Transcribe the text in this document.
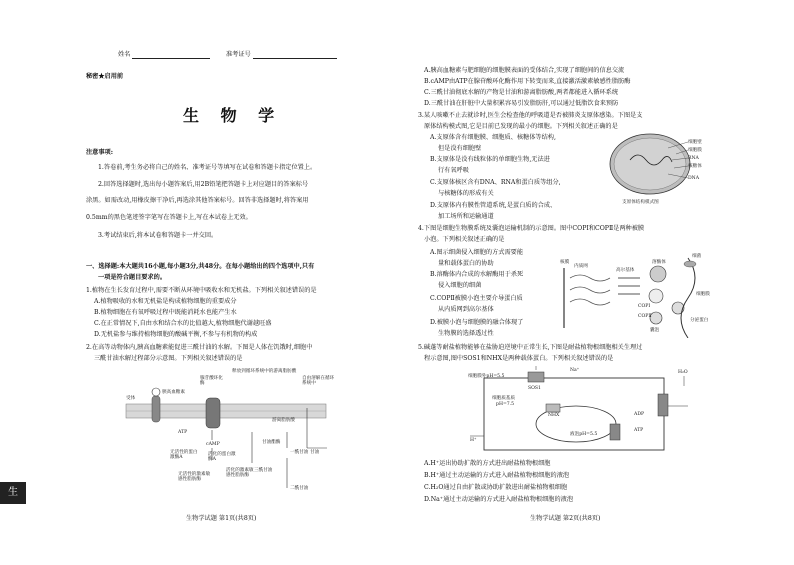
姓名	准考证号
秘密★启用前
生 物 学
注意事项:
1.答卷前,考生务必将自己的姓名、准考证号等填写在试卷和答题卡指定位置上。
2.回答选择题时,选出每小题答案后,用2B铅笔把答题卡上对应题目的答案标号
涂黑。如需改动,用橡皮擦干净后,再选涂其他答案标号。回答非选择题时,将答案用
0.5mm的黑色笔迹签字笔写在答题卡上,写在本试卷上无效。
3.考试结束后,将本试卷和答题卡一并交回。
一、选择题:本大题共16小题,每小题3分,共48分。在每小题给出的四个选项中,只有
一项是符合题目要求的。
1.植物在生长发育过程中,需要不断从环境中吸收水和无机盐。下列相关叙述错误的是
A.植物吸收的水和无机盐是构成植物细胞的重要成分
B.植物细胞在有氧呼吸过程中既能消耗水也能产生水
C.在正常情况下,自由水和结合水的比值越大,植物细胞代谢越旺盛
D.无机盐参与维持植物细胞的酸碱平衡,不参与有机物的构成
2.在高等动物体内,胰高血糖素能促进三酰甘油的水解。下图是人体在饥饿时,细胞中
三酰甘油水解过程部分示意图。下列相关叙述错误的是
受体
胰高血糖素
腺苷酸环化酶
释放到循环系统中的游离脂肪酸
自由溶解在循环系统中
ATP
cAMP
无活性的蛋白激酶A
活化的蛋白激酶A
无活性的激素敏感性脂肪酶
活化的激素敏感性脂肪酶
游离脂肪酸
甘油
三酰甘油
一酰甘油
二酰甘油
甘油酯酶
生物学试题 第1页(共8页)
生
A.胰高血糖素与肥细胞的细胞膜表面的受体结合,实现了细胞间的信息交流
B.cAMP由ATP在腺苷酸环化酶作用下转变而来,直接激活激素敏感性脂肪酶
C.三酰甘油彻底水解的产物是甘油和游离脂肪酸,两者都能进入循环系统
D.三酰甘油在肝脏中大量积累容易引发脂肪肝,可以通过低脂饮食来预防
3.某人咳嗽不止去就诊时,医生会检查他的呼吸道是否被肺炎支原体感染。下图是支
原体结构模式图,它是目前已发现的最小的细胞。下列相关叙述正确的是
A.支原体含有细胞膜、细胞质、核糖体等结构,
但是没有细胞壁
B.支原体是没有线粒体的单细胞生物,无法进
行有氧呼吸
C.支原体核区含有DNA、RNA和蛋白质等组分,
与核糖体的形成有关
D.支原体内有膜性管道系统,是蛋白质的合成、
加工场所和运输通道
细胞壁
细胞膜
RNA
核糖体
DNA
支原体结构模式图
4.下图是细胞生物膜系统及囊泡运输机制的示意图。图中COPⅠ和COPⅡ是两种被膜
小泡。下列相关叙述正确的是
A.图示细菌侵入细胞的方式需要能
量和载体蛋白的协助
B.溶酶体内合成的水解酶用于杀死
侵入细胞的细菌
C.COPⅡ被膜小泡主要介导蛋白质
从内质网到高尔基体
D.被膜小泡与细胞膜的融合体现了
生物膜的选择透过性
核膜
内质网
高尔基体
溶酶体
细菌
COPⅠ
COPⅡ
囊泡
分泌蛋白
细胞膜
5.碱蓬等耐盐植物能够在盐胁迫逆境中正常生长,下图是耐盐植物根细胞相关生理过
程示意图,图中SOS1和NHX是两种载体蛋白。下列相关叙述错误的是
细胞膜外pH=5.5
SOS1
细胞质基质
pH=7.5
NHX
液泡pH=5.5
H₂O
ADP
ATP
Na⁺
H⁺
A.H⁺运出协助扩散的方式进出耐盐植物根细胞
B.H⁺通过主动运输的方式进入耐盐植物根细胞的液泡
C.H₂O通过自由扩散或协助扩散进出耐盐植物根细胞
D.Na⁺通过主动运输的方式进入耐盐植物根细胞的液泡
生物学试题 第2页(共8页)
